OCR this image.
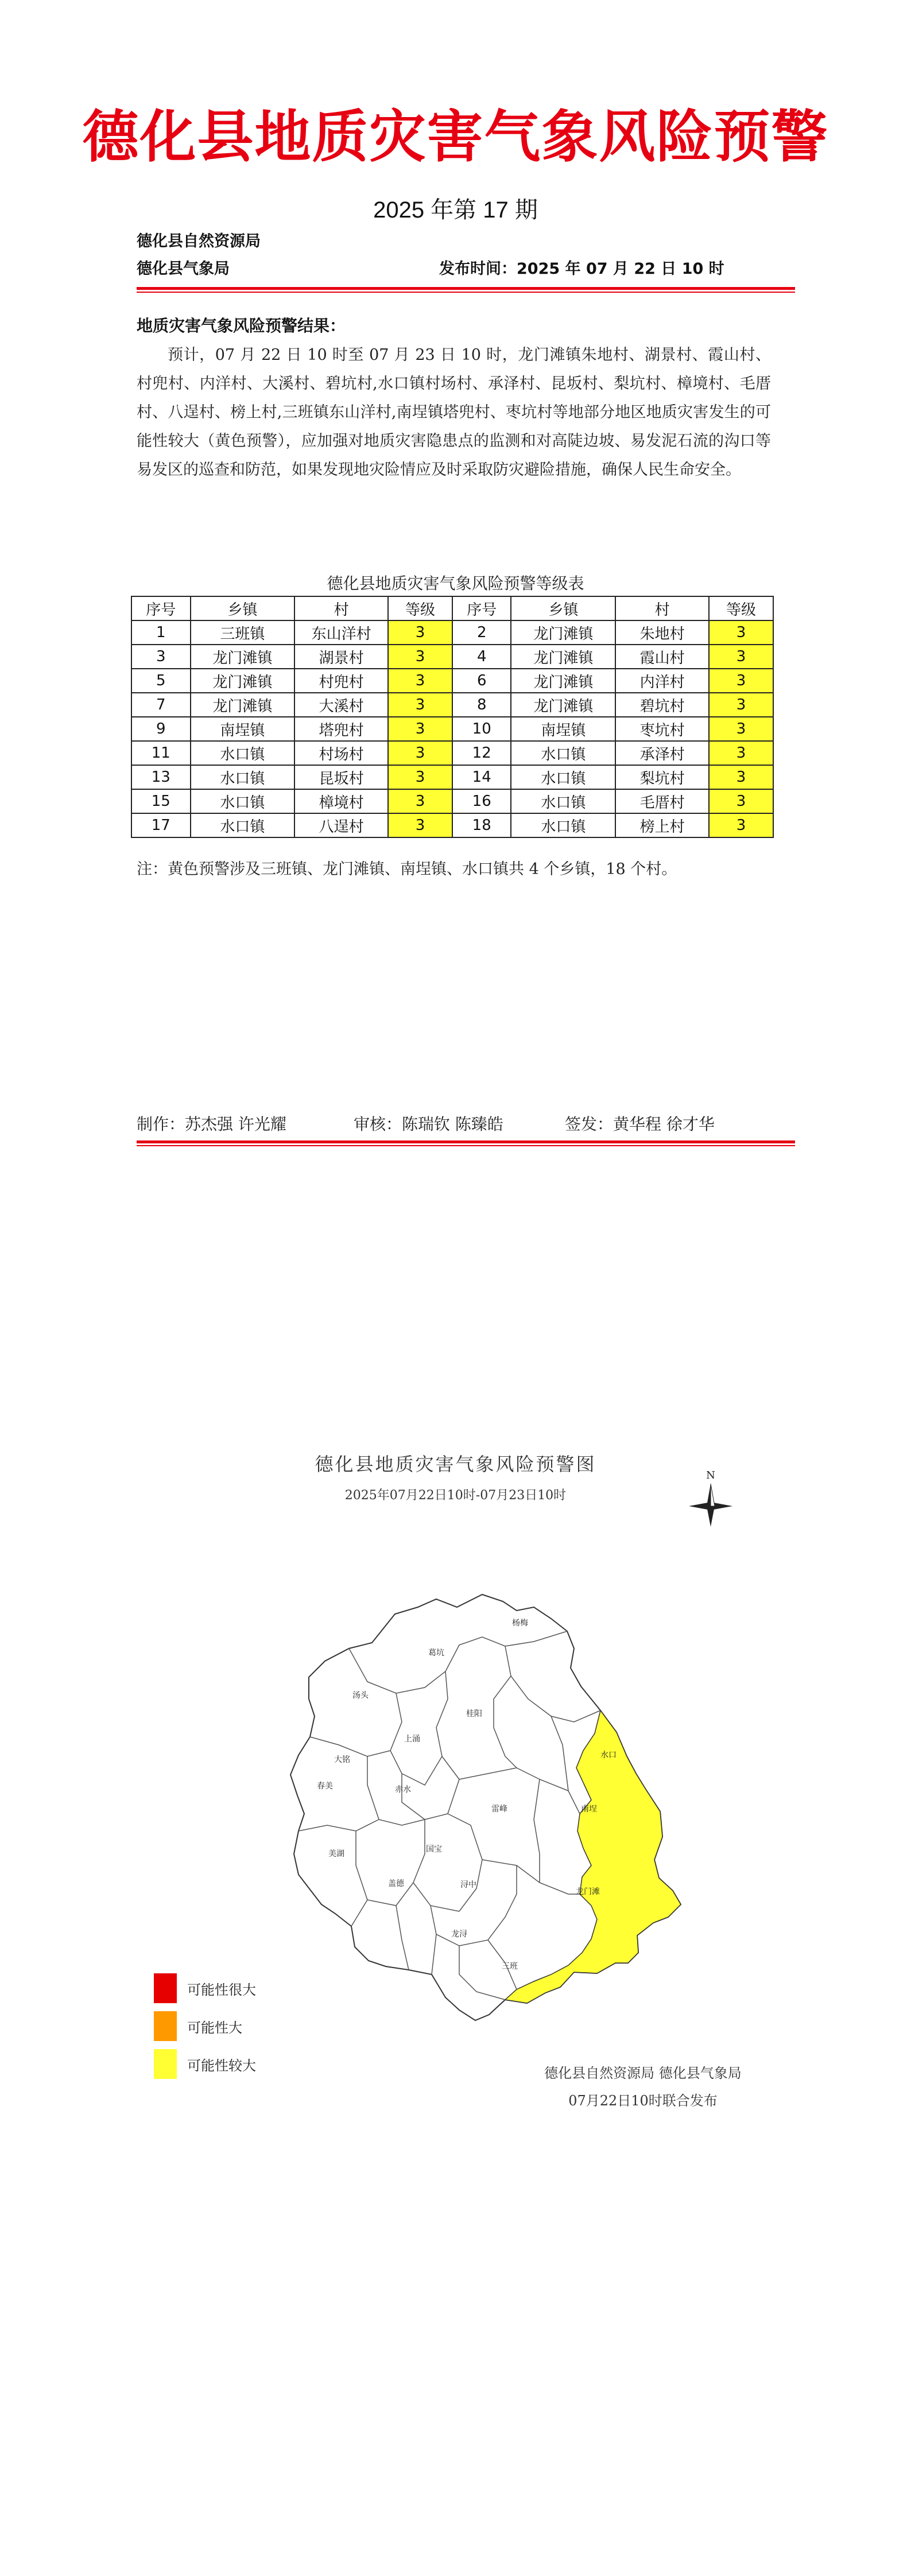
德化县地质灾害气象风险预警
2025 年第 17 期
德化县自然资源局
德化县气象局	发布时间：2025 年 07 月 22 日 10 时
地质灾害气象风险预警结果：

预计，07 月 22 日 10 时至 07 月 23 日 10 时，龙门滩镇朱地村、湖景村、霞山村、村兜村、内洋村、大溪村、碧坑村,水口镇村场村、承泽村、昆坂村、梨坑村、樟境村、毛厝村、八逞村、榜上村,三班镇东山洋村,南埕镇塔兜村、枣坑村等地部分地区地质灾害发生的可能性较大（黄色预警），应加强对地质灾害隐患点的监测和对高陡边坡、易发泥石流的沟口等易发区的巡查和防范，如果发现地灾险情应及时采取防灾避险措施，确保人民生命安全。

德化县地质灾害气象风险预警等级表
序号	乡镇	村	等级	序号	乡镇	村	等级
1	三班镇	东山洋村	3	2	龙门滩镇	朱地村	3
3	龙门滩镇	湖景村	3	4	龙门滩镇	霞山村	3
5	龙门滩镇	村兜村	3	6	龙门滩镇	内洋村	3
7	龙门滩镇	大溪村	3	8	龙门滩镇	碧坑村	3
9	南埕镇	塔兜村	3	10	南埕镇	枣坑村	3
11	水口镇	村场村	3	12	水口镇	承泽村	3
13	水口镇	昆坂村	3	14	水口镇	梨坑村	3
15	水口镇	樟境村	3	16	水口镇	毛厝村	3
17	水口镇	八逞村	3	18	水口镇	榜上村	3
注：黄色预警涉及三班镇、龙门滩镇、南埕镇、水口镇共 4 个乡镇，18 个村。
制作：苏杰强 许光耀	审核：陈瑞钦 陈臻皓	签发：黄华程 徐才华
德化县地质灾害气象风险预警图
2025年07月22日10时-07月23日10时
N
杨梅
葛坑
汤头
桂阳
上涌
水口
大铭
春美	赤水
雷峰	南埕
美湖	国宝
盖德	浔中
龙门滩
龙浔
三班
可能性很大
可能性大
可能性较大	德化县自然资源局 德化县气象局
07月22日10时联合发布
